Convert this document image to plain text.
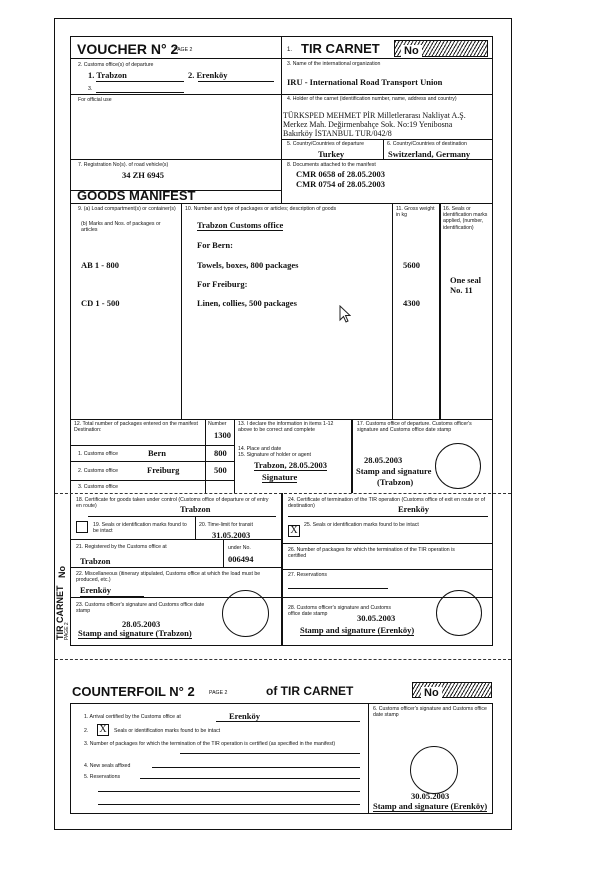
VOUCHER N° 2
PAGE 2	1. TIR CARNET	No
2. Customs office(s) of departure
1. Trabzon	2. Erenköy
3.
3. Name of the international organization
IRU - International Road Transport Union
For official use	4. Holder of the carnet (identification number, name, address and country)
TÜRKSPED MEHMET PİR Milletlerarası Nakliyat A.Ş.
Merkez Mah. Değirmenbahçe Sok. No:19 Yenibosna
Bakırköy İSTANBUL TUR/042/8
5. Country/Countries of departure
Turkey
6. Country/Countries of destination
Switzerland, Germany
7. Registration No(s). of road vehicle(s)
34 ZH 6945
8. Documents attached to the manifest
CMR 0658 of 28.05.2003
CMR 0754 of 28.05.2003
GOODS MANIFEST
9. (a) Load compartment(s) or container(s)
(b) Marks and Nos. of packages or articles
AB 1 - 800
CD 1 - 500
10. Number and type of packages or articles; description of goods
Trabzon Customs office
For Bern:
Towels, boxes, 800 packages
For Freiburg:
Linen, collies, 500 packages
11. Gross weight in kg
5600
4300
16. Seals or identification marks applied, (number, identification)
One seal No. 11
12. Total number of packages entered on the manifest Destination:
Number
1300
1. Customs office	Bern	800
2. Customs office	Freiburg	500
3. Customs office
13. I declare the information in items 1-12 above to be correct and complete
14. Place and date
15. Signature of holder or agent
Trabzon, 28.05.2003
Signature
17. Customs office of departure. Customs officer's signature and Customs office date stamp
28.05.2003
Stamp and signature
(Trabzon)
18. Certificate for goods taken under control (Customs office of departure or of entry en route)	Trabzon
24. Certificate of termination of the TIR operation (Customs office of exit en route or of destination)	Erenköy
19. Seals or identification marks found to be intact
20. Time-limit for transit
31.05.2003	X	25. Seals or identification marks found to be intact
21. Registered by the Customs office at
Trabzon
under No.
006494
26. Number of packages for which the termination of the TIR operation is certified
22. Miscellaneous (itinerary stipulated, Customs office at which the load must be produced, etc.)
Erenköy
27. Reservations
23. Customs officer's signature and Customs office date stamp
28.05.2003
Stamp and signature (Trabzon)
28. Customs officer's signature and Customs office date stamp	30.05.2003
Stamp and signature (Erenköy)
TIR CARNET PAGE 2
No
COUNTERFOIL N° 2	PAGE 2	of TIR CARNET	No
1. Arrival certified by the Customs office at	Erenköy
2. X	Seals or identification marks found to be intact
3. Number of packages for which the termination of the TIR operation is certified (as specified in the manifest)
4. New seals affixed
5. Reservations
6. Customs officer's signature and Customs office date stamp
30.05.2003
Stamp and signature (Erenköy)
